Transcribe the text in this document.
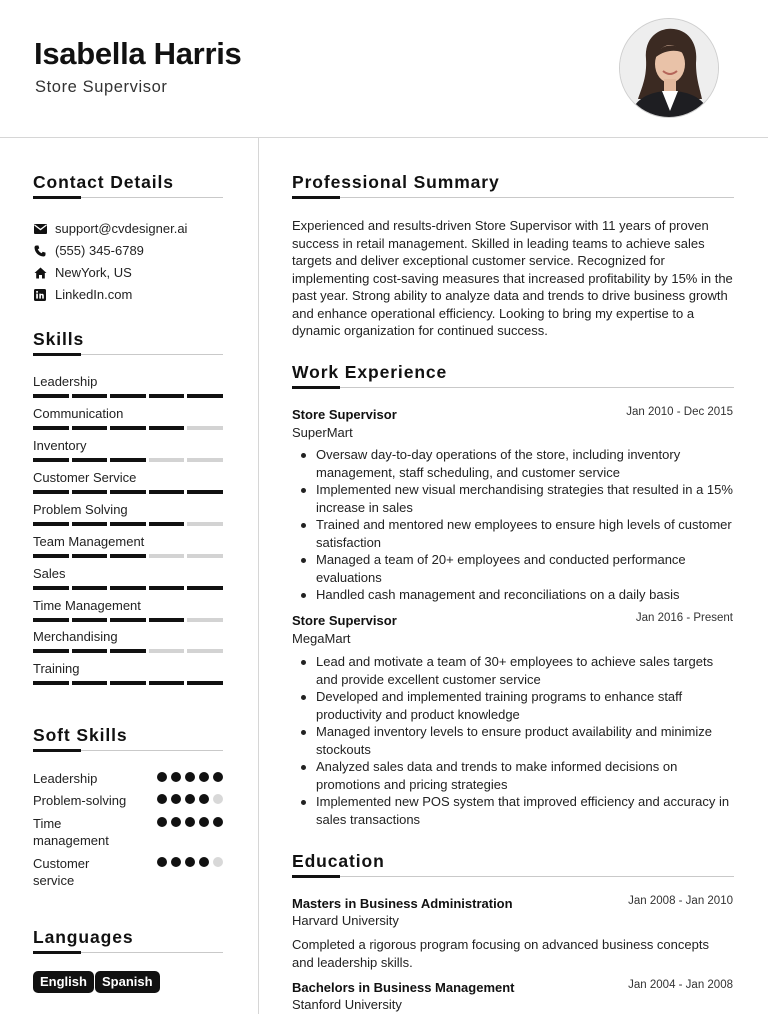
Isabella Harris
Store Supervisor
Contact Details
support@cvdesigner.ai
(555) 345-6789
NewYork, US
LinkedIn.com
Skills
Leadership
Communication
Inventory
Customer Service
Problem Solving
Team Management
Sales
Time Management
Merchandising
Training
Soft Skills
Leadership
Problem-solving
Time management
Customer service
Languages
English	Spanish
Professional Summary
Experienced and results-driven Store Supervisor with 11 years of proven success in retail management. Skilled in leading teams to achieve sales targets and deliver exceptional customer service. Recognized for implementing cost-saving measures that increased profitability by 15% in the past year. Strong ability to analyze data and trends to drive business growth and enhance operational efficiency. Looking to bring my expertise to a dynamic organization for continued success.
Work Experience
Store Supervisor	Jan 2010 - Dec 2015
SuperMart
Oversaw day-to-day operations of the store, including inventory management, staff scheduling, and customer service
Implemented new visual merchandising strategies that resulted in a 15% increase in sales
Trained and mentored new employees to ensure high levels of customer satisfaction
Managed a team of 20+ employees and conducted performance evaluations
Handled cash management and reconciliations on a daily basis
Store Supervisor	Jan 2016 - Present
MegaMart
Lead and motivate a team of 30+ employees to achieve sales targets and provide excellent customer service
Developed and implemented training programs to enhance staff productivity and product knowledge
Managed inventory levels to ensure product availability and minimize stockouts
Analyzed sales data and trends to make informed decisions on promotions and pricing strategies
Implemented new POS system that improved efficiency and accuracy in sales transactions
Education
Masters in Business Administration	Jan 2008 - Jan 2010
Harvard University
Completed a rigorous program focusing on advanced business concepts and leadership skills.
Bachelors in Business Management	Jan 2004 - Jan 2008
Stanford University
